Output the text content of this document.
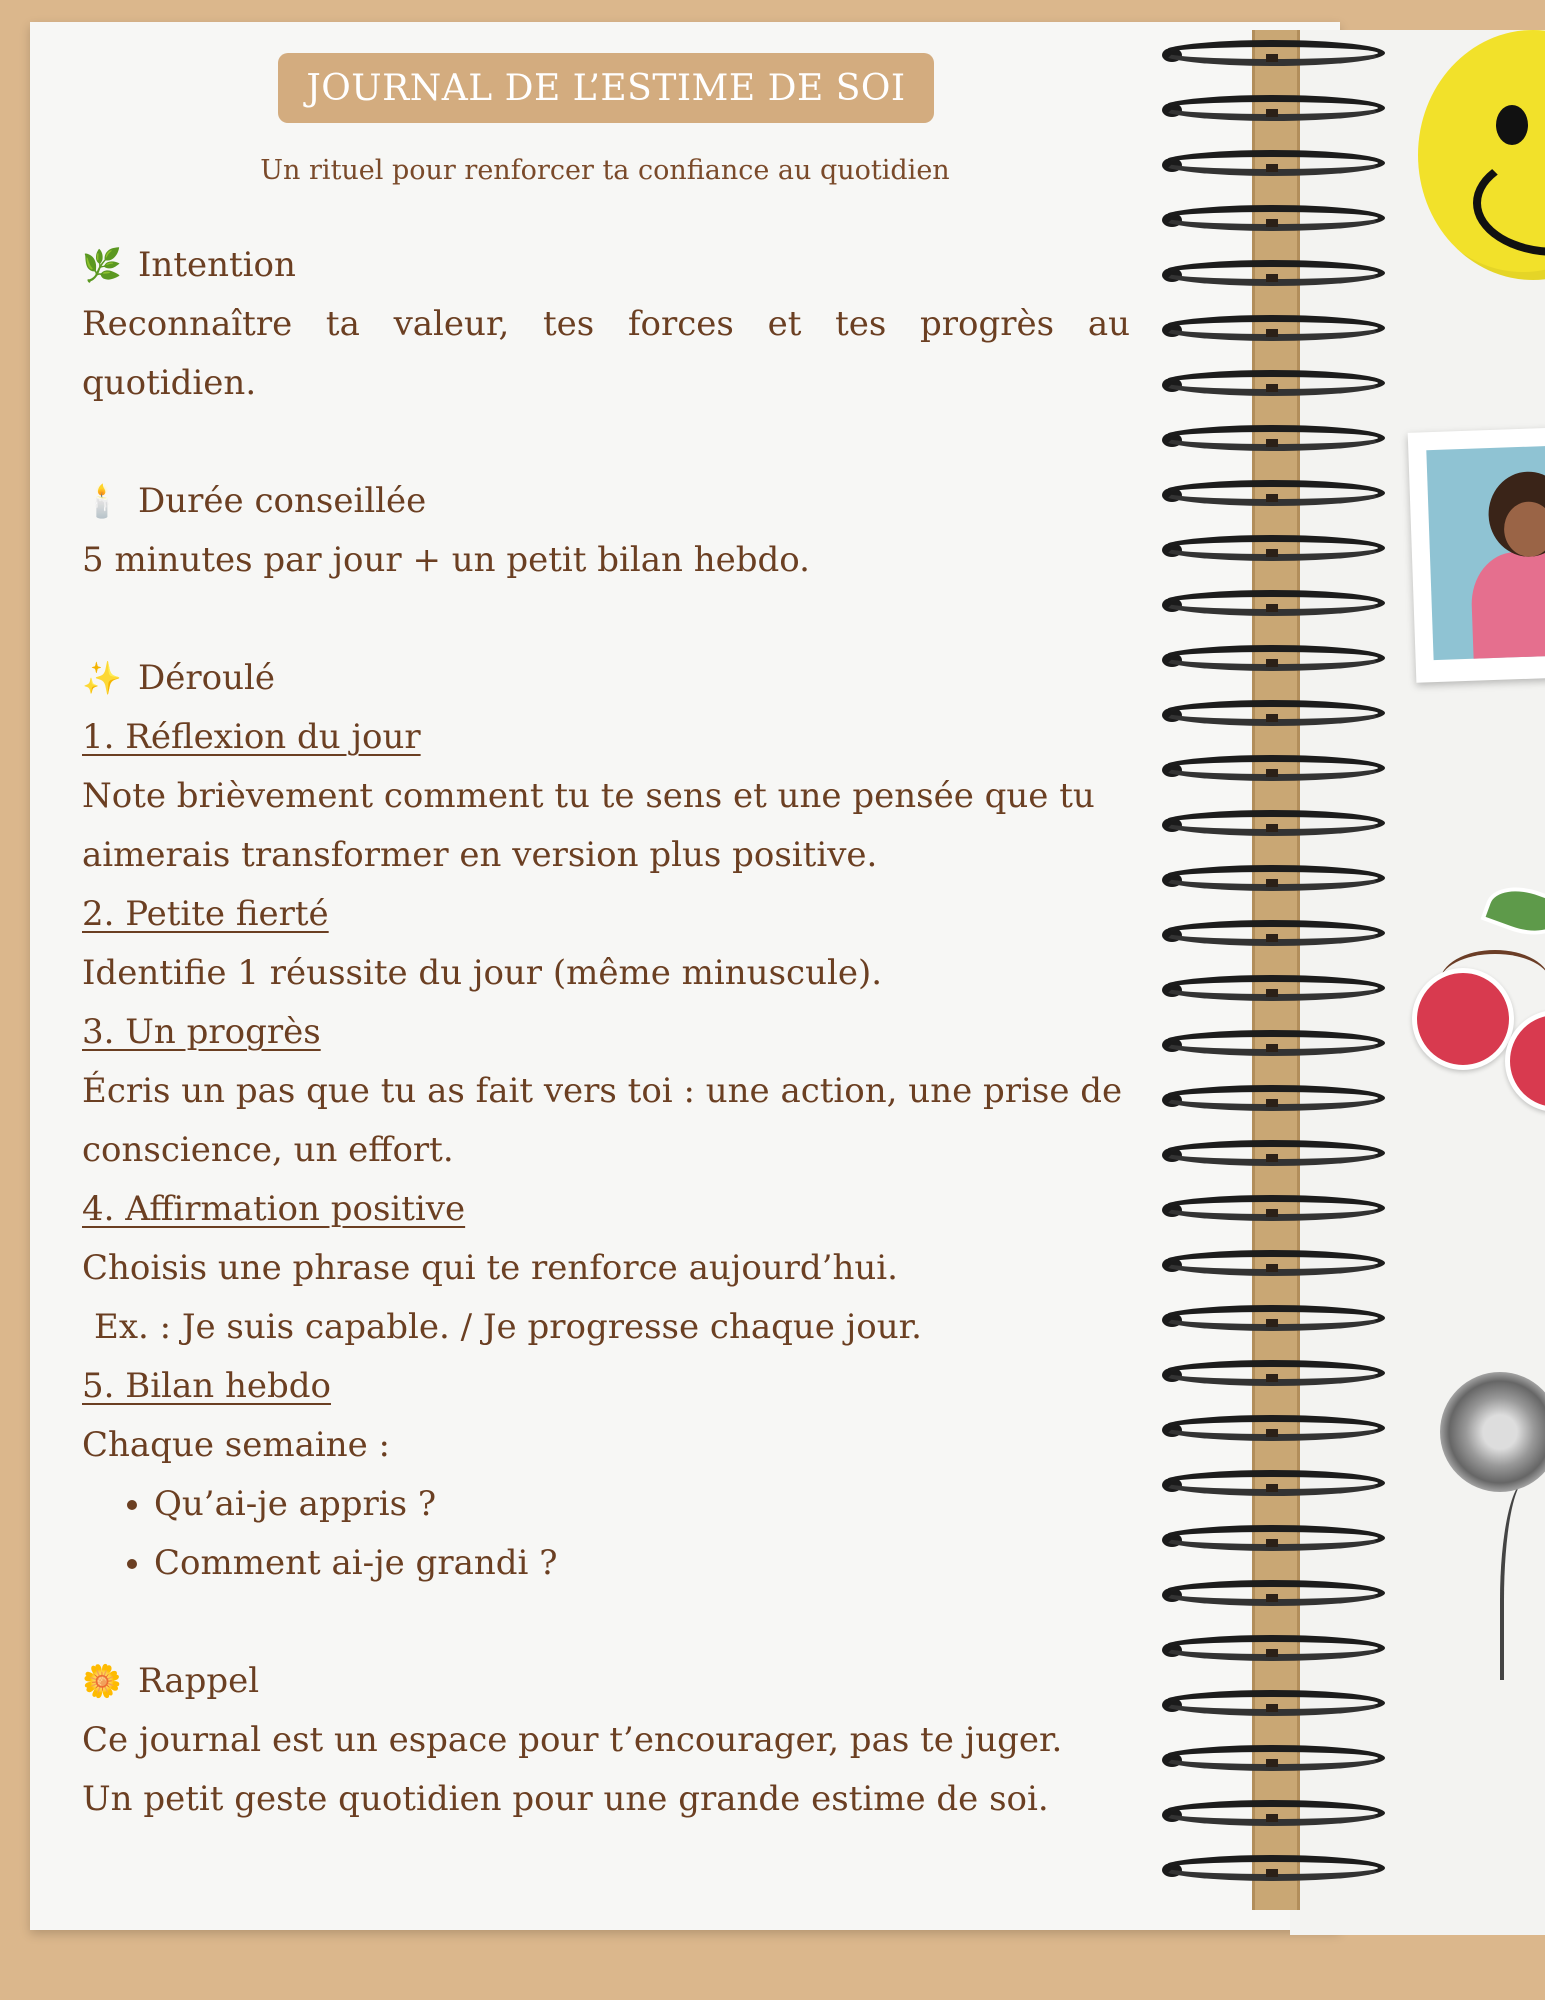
JOURNAL DE L’ESTIME DE SOI
Un rituel pour renforcer ta confiance au quotidien
🌿 Intention
Reconnaître ta valeur, tes forces et tes progrès au quotidien.
🕯️ Durée conseillée
5 minutes par jour + un petit bilan hebdo.
✨ Déroulé
1. Réflexion du jour
Note brièvement comment tu te sens et une pensée que tu aimerais transformer en version plus positive.
2. Petite fierté
Identifie 1 réussite du jour (même minuscule).
3. Un progrès
Écris un pas que tu as fait vers toi : une action, une prise de conscience, un effort.
4. Affirmation positive
Choisis une phrase qui te renforce aujourd’hui.
Ex. : Je suis capable. / Je progresse chaque jour.
5. Bilan hebdo
Chaque semaine :
• Qu’ai-je appris ?
• Comment ai-je grandi ?
🌼 Rappel
Ce journal est un espace pour t’encourager, pas te juger.
Un petit geste quotidien pour une grande estime de soi.
